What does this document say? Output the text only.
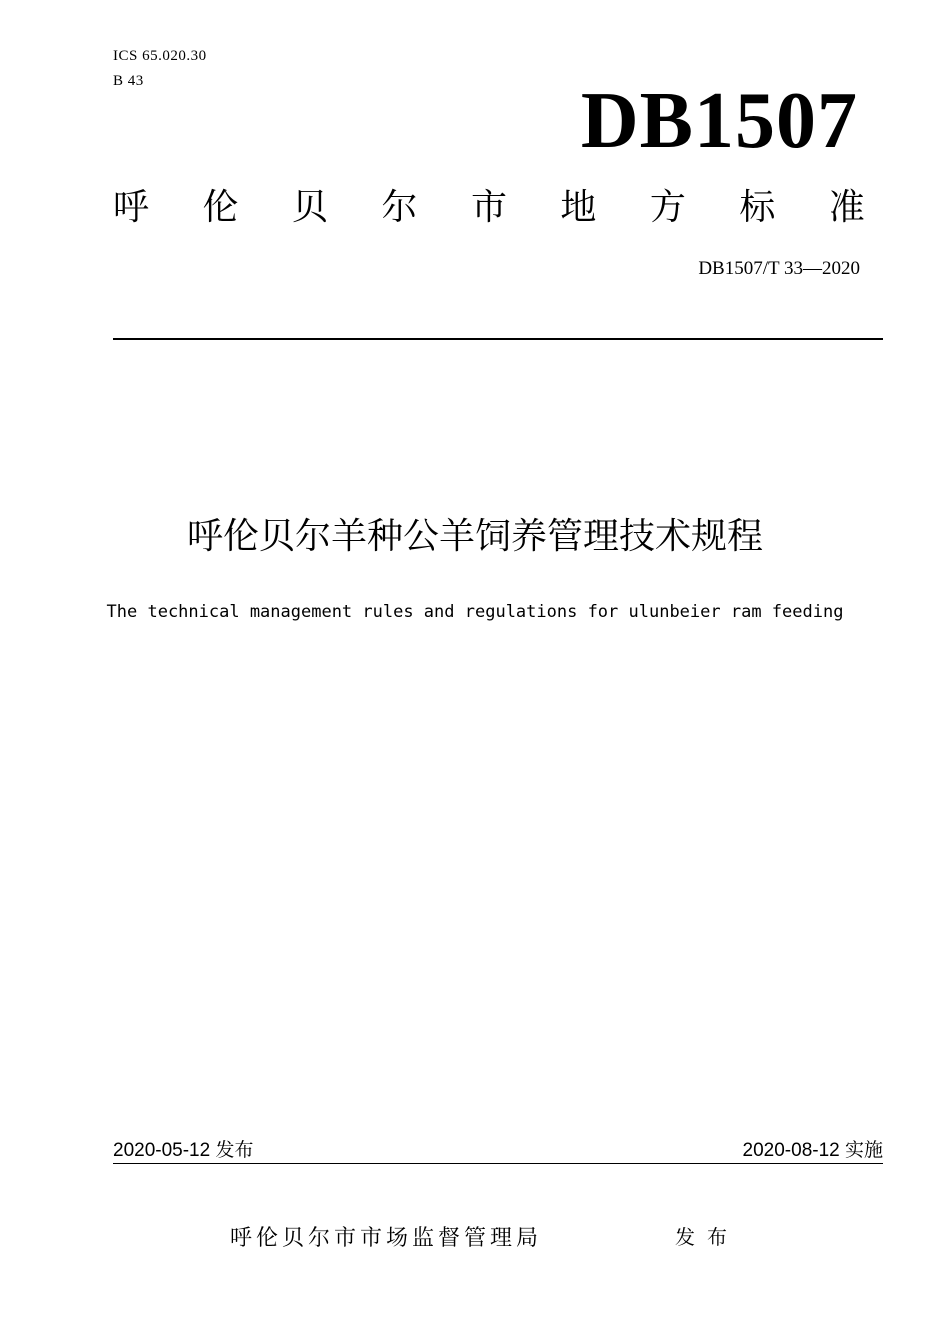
ICS 65.020.30
B 43	DB1507
呼 伦 贝 尔 市 地 方 标 准
DB1507/T 33—2020
呼伦贝尔羊种公羊饲养管理技术规程
The technical management rules and regulations for ulunbeier ram feeding
2020-05-12 发布	2020-08-12 实施
呼伦贝尔市市场监督管理局	发布
